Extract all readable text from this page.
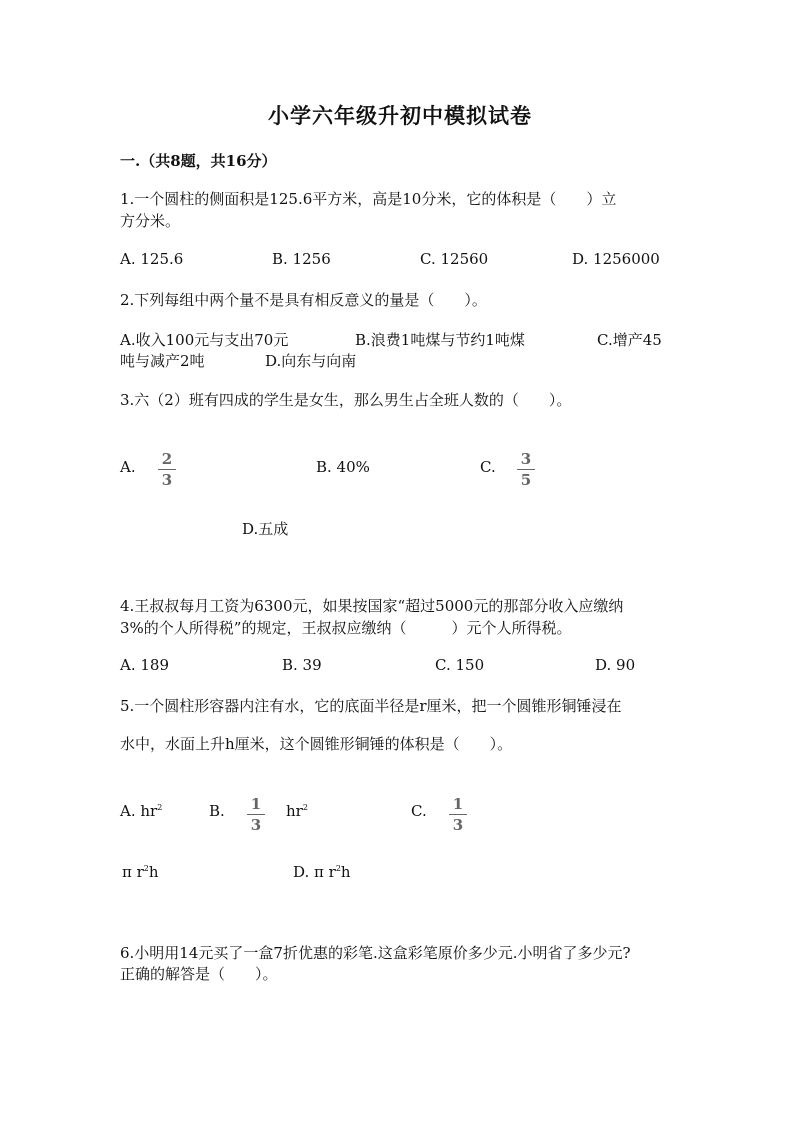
小学六年级升初中模拟试卷
一.（共8题，共16分）
1.一个圆柱的侧面积是125.6平方米，高是10分米，它的体积是（　　）立
方分米。
A. 125.6	B. 1256	C. 12560	D. 1256000
2.下列每组中两个量不是具有相反意义的量是（　　）。
A.收入100元与支出70元	B.浪费1吨煤与节约1吨煤	C.增产45
吨与减产2吨	D.向东与向南
3.六（2）班有四成的学生是女生，那么男生占全班人数的（　　）。
A.	2
3
B. 40%	C.	3
5
D.五成
4.王叔叔每月工资为6300元，如果按国家“超过5000元的那部分收入应缴纳
3%的个人所得税”的规定，王叔叔应缴纳（　　　）元个人所得税。
A. 189	B. 39	C. 150	D. 90
5.一个圆柱形容器内注有水，它的底面半径是r厘米，把一个圆锥形铜锤浸在
水中，水面上升h厘米，这个圆锥形铜锤的体积是（　　）。
A. $hr^2$	B.	1
3
$hr^2$	C.	1
3
π $r^2h$	D. π $r^2h$
6.小明用14元买了一盒7折优惠的彩笔.这盒彩笔原价多少元.小明省了多少元?
正确的解答是（　　）。
